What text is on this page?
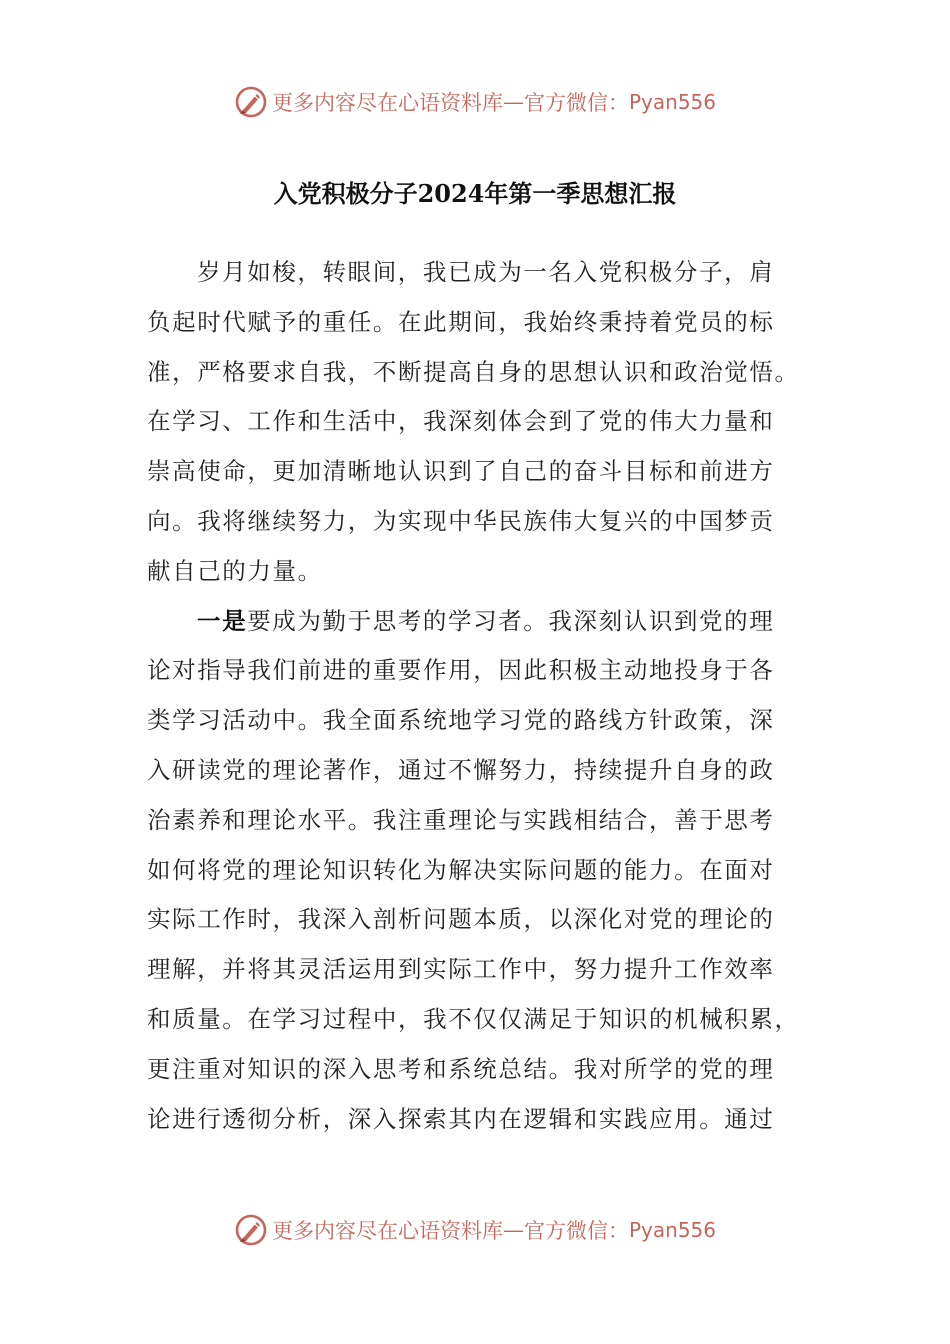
更多内容尽在心语资料库 — 官方微信： Pyan556
入党积极分子2024年第一季思想汇报
岁月如梭，转眼间，我已成为一名入党积极分子，肩
负起时代赋予的重任。在此期间，我始终秉持着党员的标
准，严格要求自我，不断提高自身的思想认识和政治觉悟。
在学习、工作和生活中，我深刻体会到了党的伟大力量和
崇高使命，更加清晰地认识到了自己的奋斗目标和前进方
向。我将继续努力，为实现中华民族伟大复兴的中国梦贡
献自己的力量。
一是要成为勤于思考的学习者。我深刻认识到党的理
论对指导我们前进的重要作用，因此积极主动地投身于各
类学习活动中。我全面系统地学习党的路线方针政策，深
入研读党的理论著作，通过不懈努力，持续提升自身的政
治素养和理论水平。我注重理论与实践相结合，善于思考
如何将党的理论知识转化为解决实际问题的能力。在面对
实际工作时，我深入剖析问题本质，以深化对党的理论的
理解，并将其灵活运用到实际工作中，努力提升工作效率
和质量。在学习过程中，我不仅仅满足于知识的机械积累，
更注重对知识的深入思考和系统总结。我对所学的党的理
论进行透彻分析，深入探索其内在逻辑和实践应用。通过
更多内容尽在心语资料库 — 官方微信： Pyan556
